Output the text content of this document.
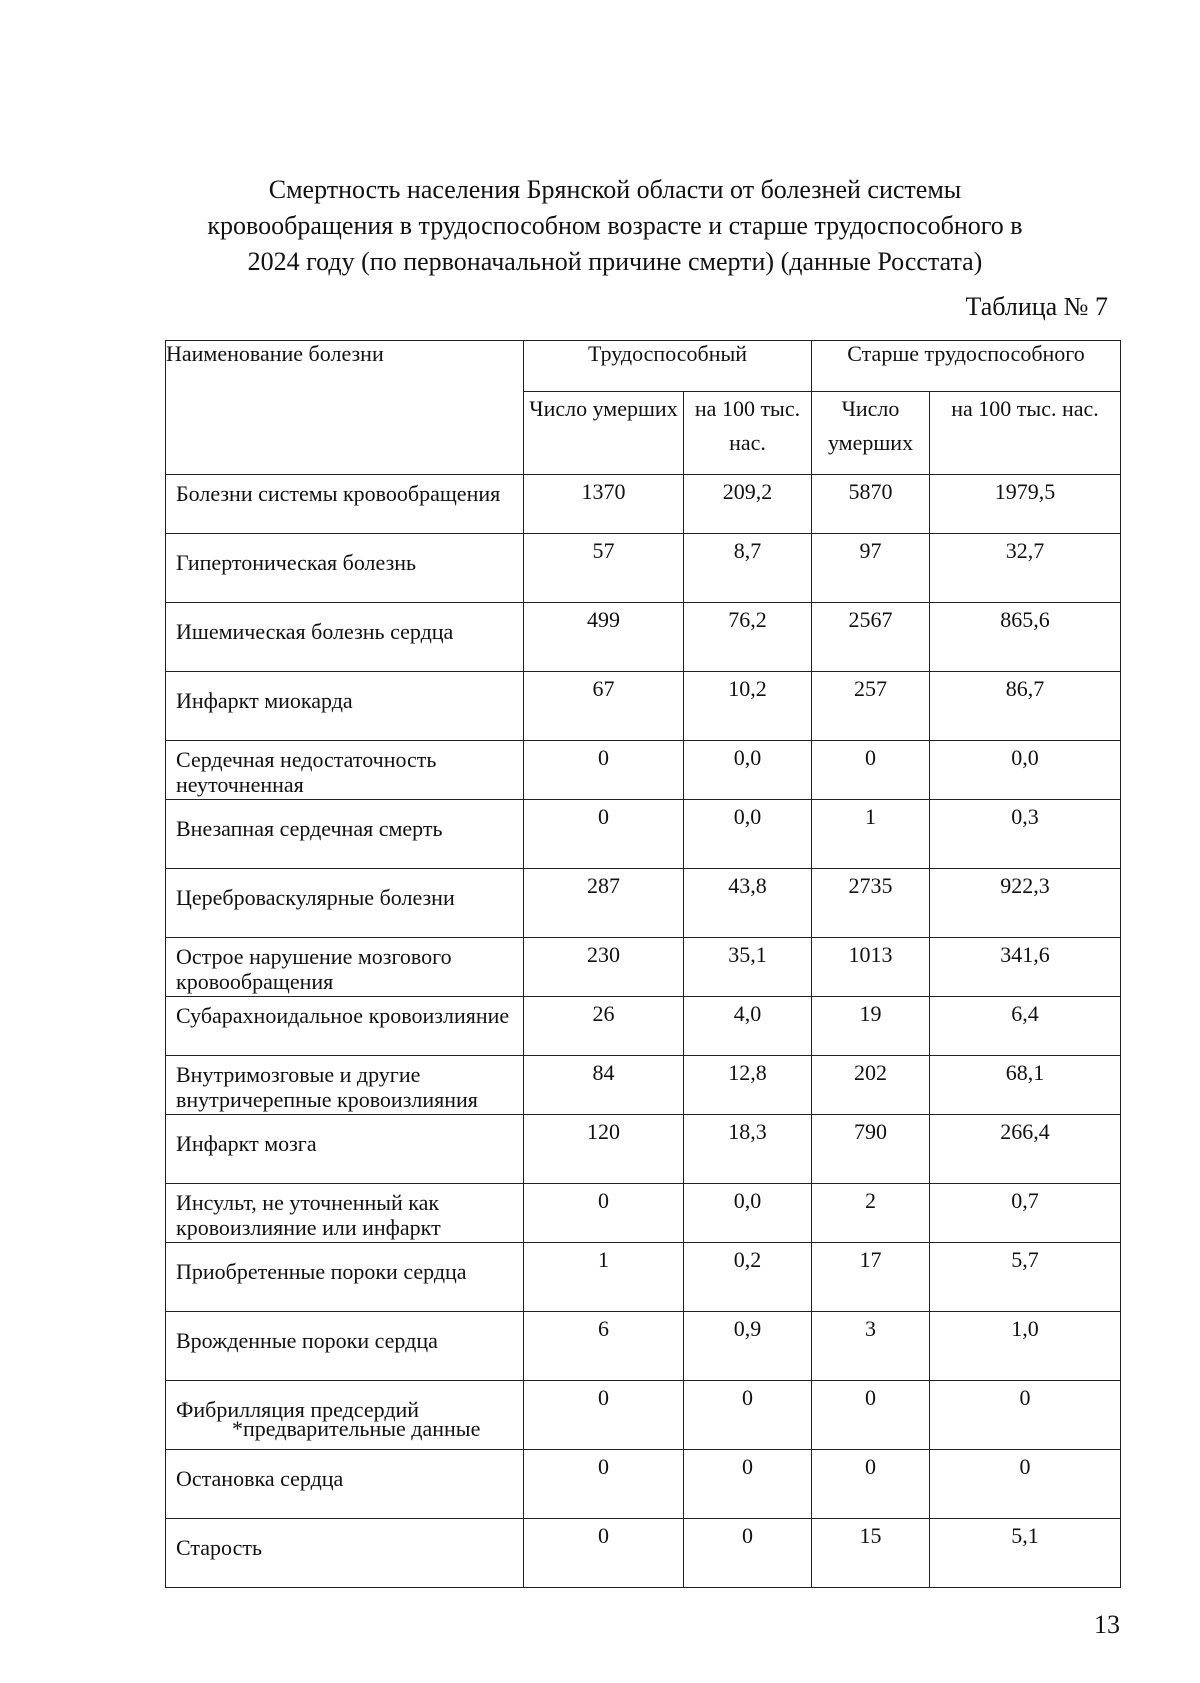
Смертность населения Брянской области от болезней системы
кровообращения в трудоспособном возрасте и старше трудоспособного в
2024 году (по первоначальной причине смерти) (данные Росстата)
Таблица № 7
Наименование болезни	Трудоспособный		Старше трудоспособного	
	Число умерших	на 100 тыс. нас.	Число умерших	на 100 тыс. нас.
Болезни системы кровообращения	1370	209,2	5870	1979,5
Гипертоническая болезнь	57	8,7	97	32,7
Ишемическая болезнь сердца	499	76,2	2567	865,6
Инфаркт миокарда	67	10,2	257	86,7
Сердечная недостаточность неуточненная	0	0,0	0	0,0
Внезапная сердечная смерть	0	0,0	1	0,3
Цереброваскулярные болезни	287	43,8	2735	922,3
Острое нарушение мозгового кровообращения	230	35,1	1013	341,6
Субарахноидальное кровоизлияние	26	4,0	19	6,4
Внутримозговые и другие внутричерепные кровоизлияния	84	12,8	202	68,1
Инфаркт мозга	120	18,3	790	266,4
Инсульт, не уточненный как кровоизлияние или инфаркт	0	0,0	2	0,7
Приобретенные пороки сердца	1	0,2	17	5,7
Врожденные пороки сердца	6	0,9	3	1,0
Фибрилляция предсердий	0	0	0	0
Остановка сердца	0	0	0	0
Старость	0	0	15	5,1
*предварительные данные
13
